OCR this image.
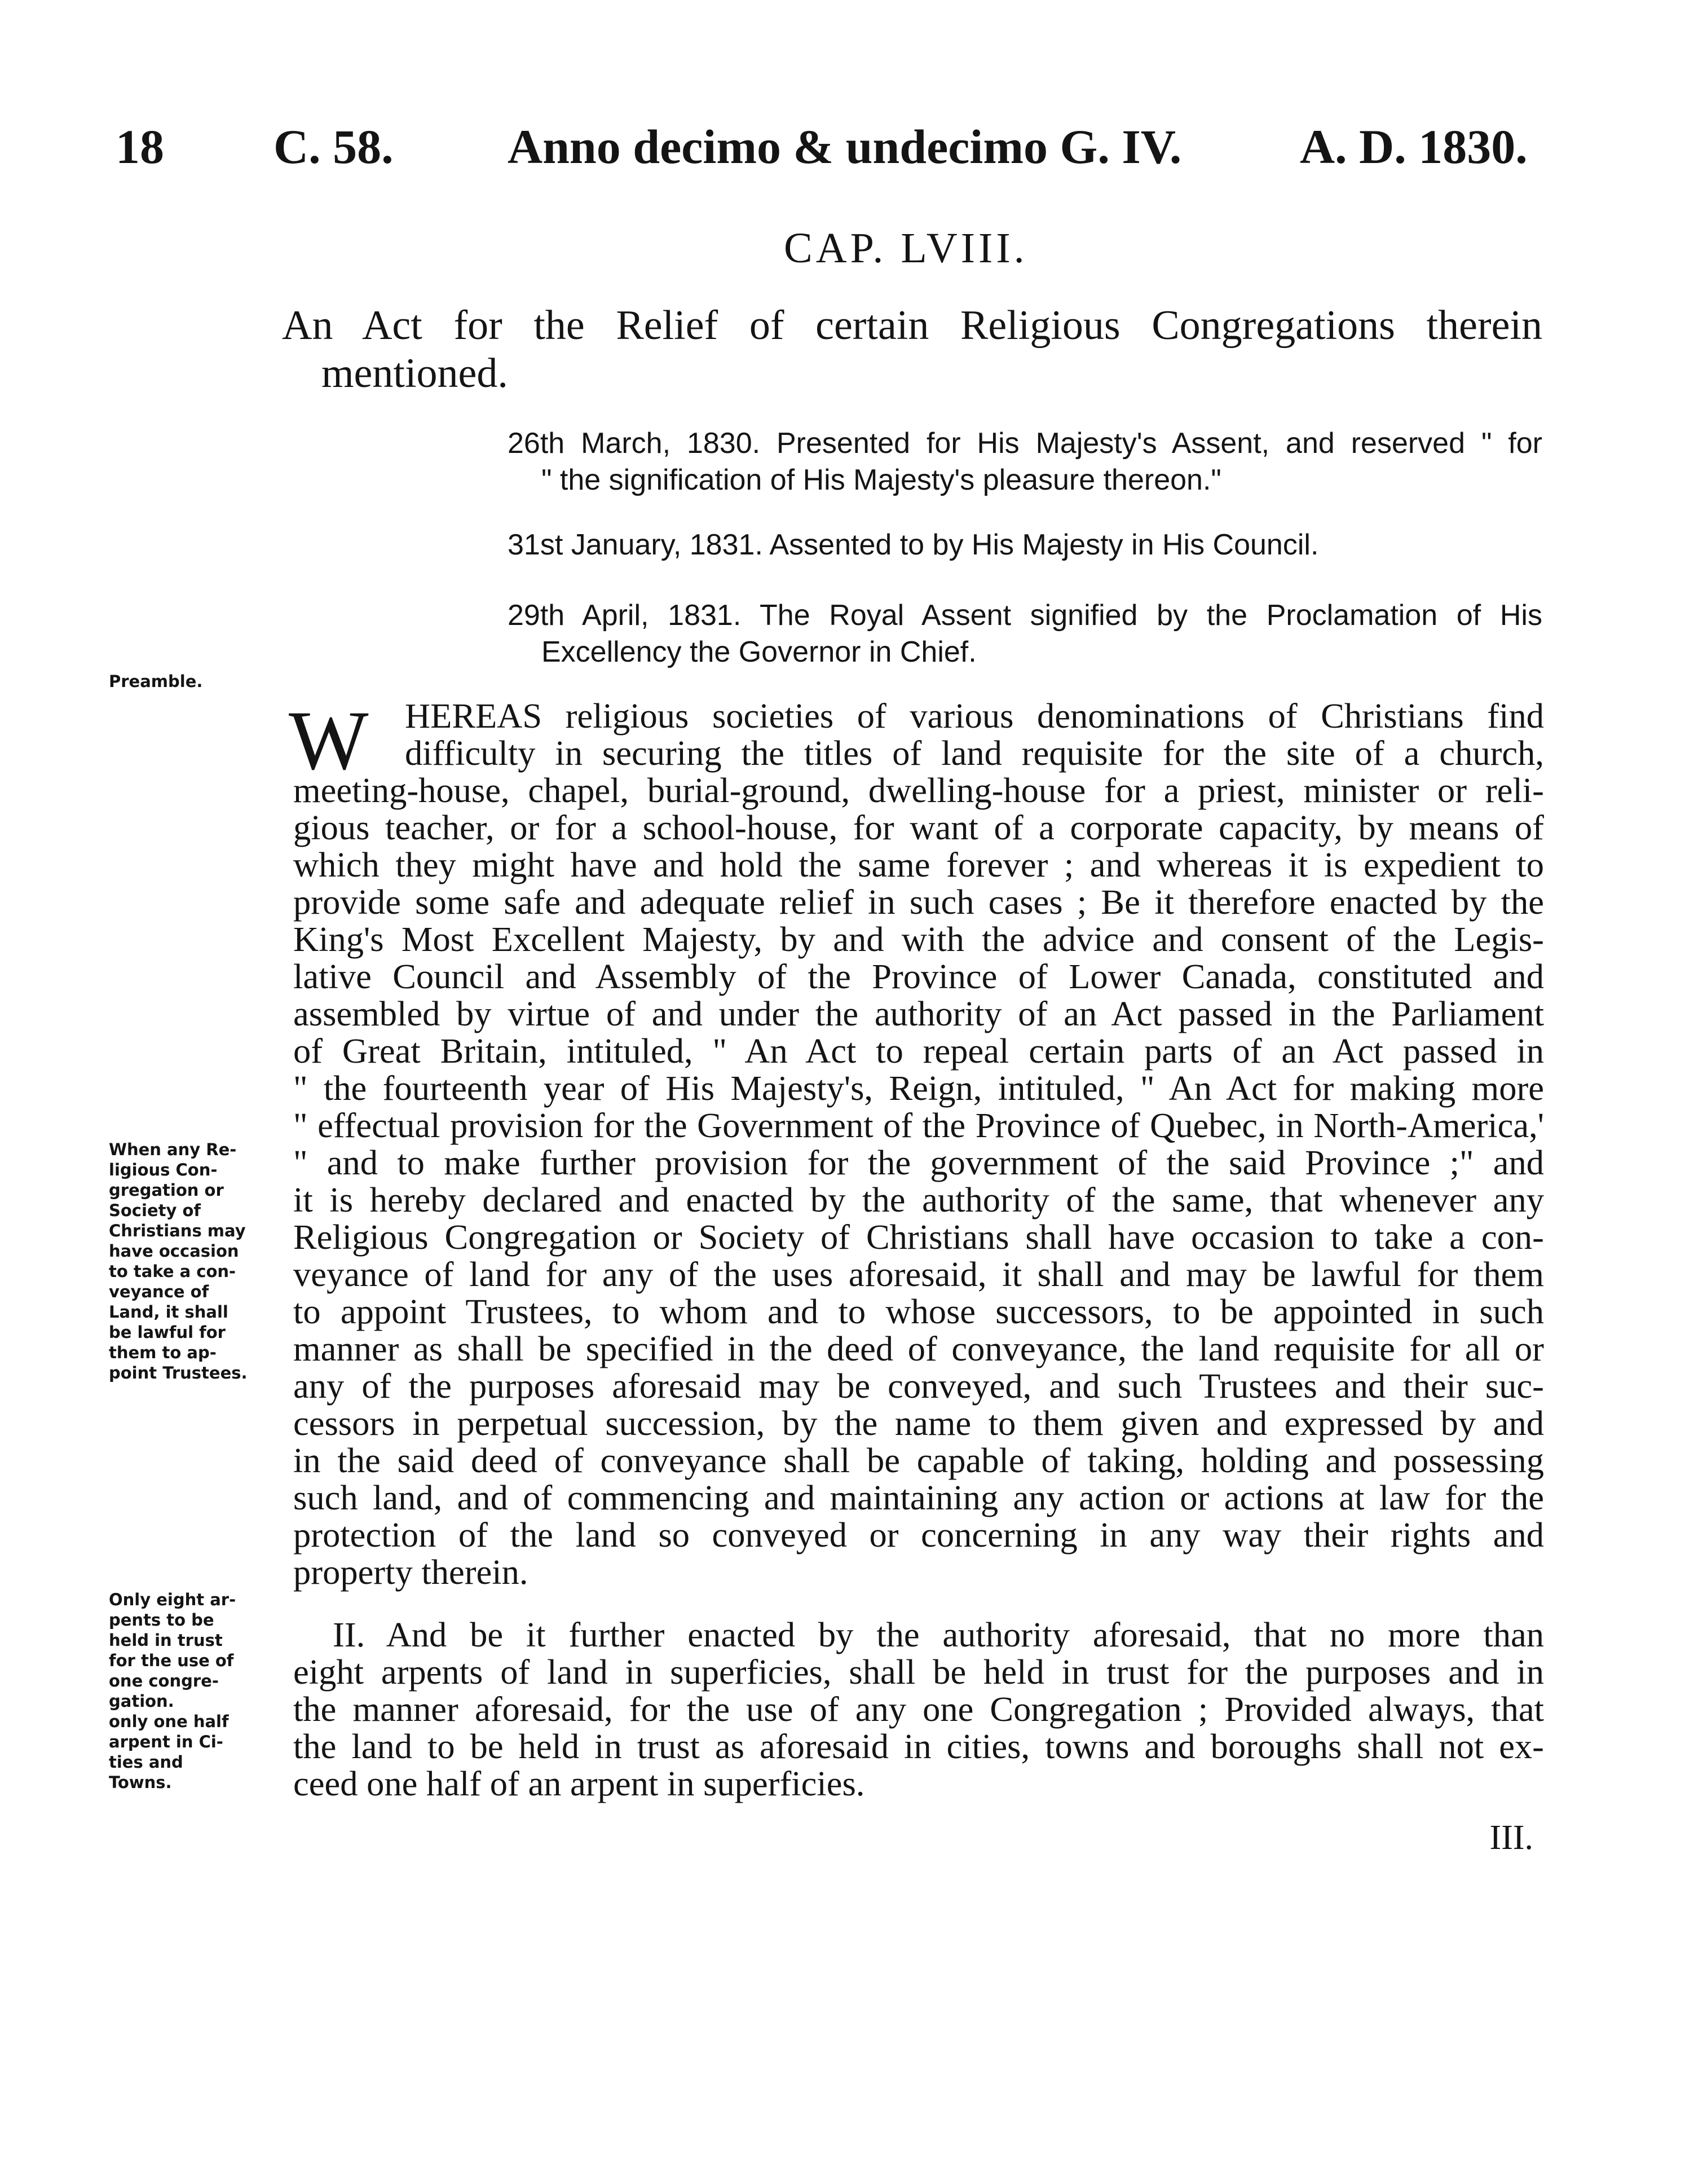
18 C. 58. Anno decimo & undecimo G. IV. A. D. 1830.
CAP. LVIII.
An Act for the Relief of certain Religious Congregations therein
mentioned.
26th March, 1830. Presented for His Majesty's Assent, and reserved " for
" the signification of His Majesty's pleasure thereon."
31st January, 1831. Assented to by His Majesty in His Council.
29th April, 1831. The Royal Assent signified by the Proclamation of His
Excellency the Governor in Chief.
Preamble.
When any Re-
ligious Con-
gregation or
Society of
Christians may
have occasion
to take a con-
veyance of
Land, it shall
be lawful for
them to ap-
point Trustees.
Only eight ar-
pents to be
held in trust
for the use of
one congre-
gation.
only one half
arpent in Ci-
ties and
Towns.
W HEREAS religious societies of various denominations of Christians find
difficulty in securing the titles of land requisite for the site of a church,
meeting-house, chapel, burial-ground, dwelling-house for a priest, minister or reli-
gious teacher, or for a school-house, for want of a corporate capacity, by means of
which they might have and hold the same forever ; and whereas it is expedient to
provide some safe and adequate relief in such cases ; Be it therefore enacted by the
King's Most Excellent Majesty, by and with the advice and consent of the Legis-
lative Council and Assembly of the Province of Lower Canada, constituted and
assembled by virtue of and under the authority of an Act passed in the Parliament
of Great Britain, intituled, " An Act to repeal certain parts of an Act passed in
" the fourteenth year of His Majesty's, Reign, intituled, " An Act for making more
" effectual provision for the Government of the Province of Quebec, in North-America,'
" and to make further provision for the government of the said Province ;" and
it is hereby declared and enacted by the authority of the same, that whenever any
Religious Congregation or Society of Christians shall have occasion to take a con-
veyance of land for any of the uses aforesaid, it shall and may be lawful for them
to appoint Trustees, to whom and to whose successors, to be appointed in such
manner as shall be specified in the deed of conveyance, the land requisite for all or
any of the purposes aforesaid may be conveyed, and such Trustees and their suc-
cessors in perpetual succession, by the name to them given and expressed by and
in the said deed of conveyance shall be capable of taking, holding and possessing
such land, and of commencing and maintaining any action or actions at law for the
protection of the land so conveyed or concerning in any way their rights and
property therein.
II. And be it further enacted by the authority aforesaid, that no more than
eight arpents of land in superficies, shall be held in trust for the purposes and in
the manner aforesaid, for the use of any one Congregation ; Provided always, that
the land to be held in trust as aforesaid in cities, towns and boroughs shall not ex-
ceed one half of an arpent in superficies.
III.
